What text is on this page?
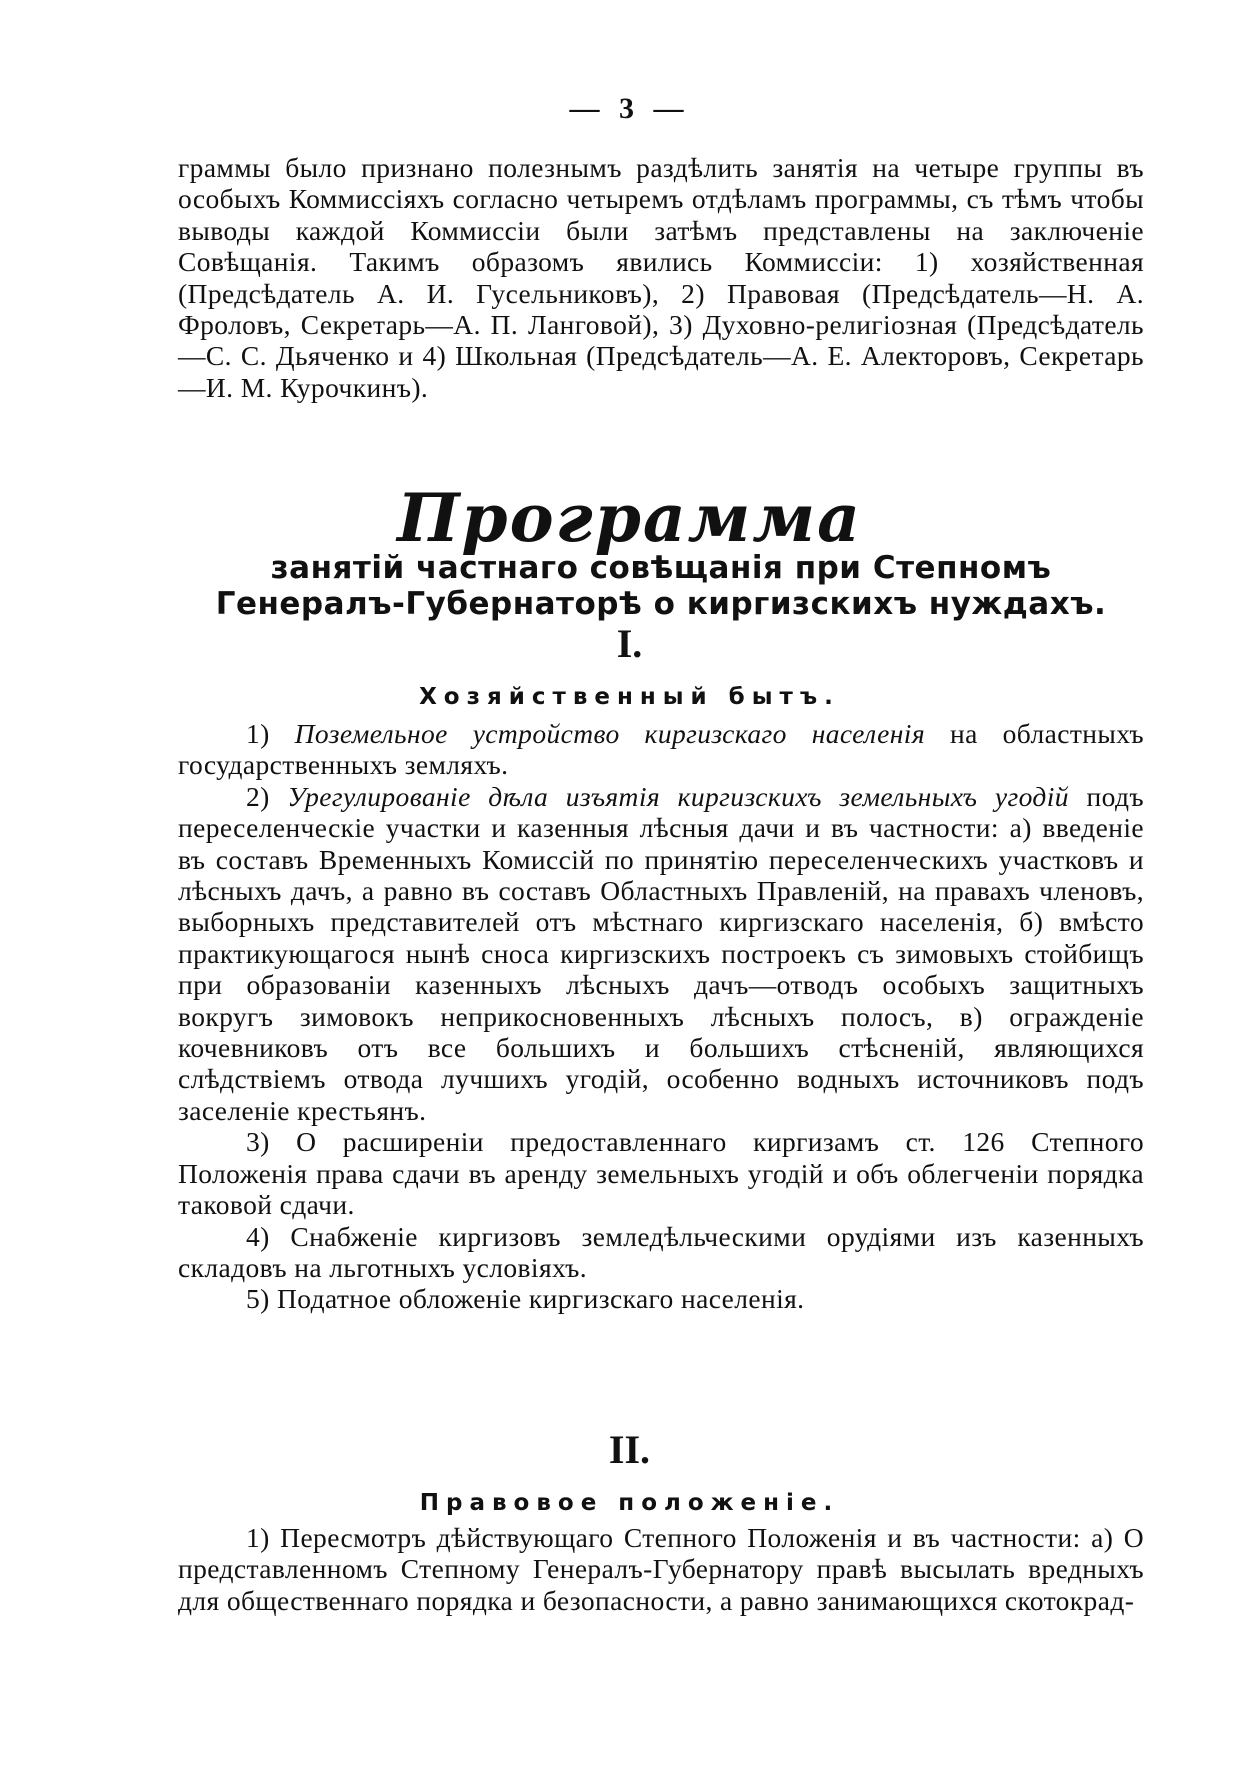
— 3 —

граммы было признано полезнымъ раздѣлить занятія на четыре группы въ особыхъ Коммиссіяхъ согласно четыремъ отдѣламъ программы, съ тѣмъ чтобы выводы каждой Коммиссіи были затѣмъ представлены на заключеніе Совѣщанія. Такимъ образомъ явились Коммиссіи: 1) хозяйственная (Предсѣдатель А. И. Гусельниковъ), 2) Правовая (Предсѣдатель—Н. А. Фроловъ, Секретарь—А. П. Ланговой), 3) Духовно-религіозная (Предсѣдатель—С. С. Дьяченко и 4) Школьная (Предсѣдатель—А. Е. Алекторовъ, Секретарь—И. М. Курочкинъ).

Программа
занятій частнаго совѣщанія при Степномъ Генералъ-Губернаторѣ о киргизскихъ нуждахъ.
I.
Хозяйственный бытъ.

1) Поземельное устройство киргизскаго населенія на областныхъ государственныхъ земляхъ.

2) Урегулированіе дѣла изъятія киргизскихъ земельныхъ угодій подъ переселенческіе участки и казенныя лѣсныя дачи и въ частности: а) введеніе въ составъ Временныхъ Комиссій по принятію переселенческихъ участковъ и лѣсныхъ дачъ, а равно въ составъ Областныхъ Правленій, на правахъ членовъ, выборныхъ представителей отъ мѣстнаго киргизскаго населенія, б) вмѣсто практикующагося нынѣ сноса киргизскихъ построекъ съ зимовыхъ стойбищъ при образованіи казенныхъ лѣсныхъ дачъ—отводъ особыхъ защитныхъ вокругъ зимовокъ неприкосновенныхъ лѣсныхъ полосъ, в) огражденіе кочевниковъ отъ все большихъ и большихъ стѣсненій, являющихся слѣдствіемъ отвода лучшихъ угодій, особенно водныхъ источниковъ подъ заселеніе крестьянъ.

3) О расширеніи предоставленнаго киргизамъ ст. 126 Степного Положенія права сдачи въ аренду земельныхъ угодій и объ облегченіи порядка таковой сдачи.

4) Снабженіе киргизовъ земледѣльческими орудіями изъ казенныхъ складовъ на льготныхъ условіяхъ.

5) Податное обложеніе киргизскаго населенія.

II.
Правовое положеніе.

1) Пересмотръ дѣйствующаго Степного Положенія и въ частности: а) О представленномъ Степному Генералъ-Губернатору правѣ высылать вредныхъ для общественнаго порядка и безопасности, а равно занимающихся скотокрад-
